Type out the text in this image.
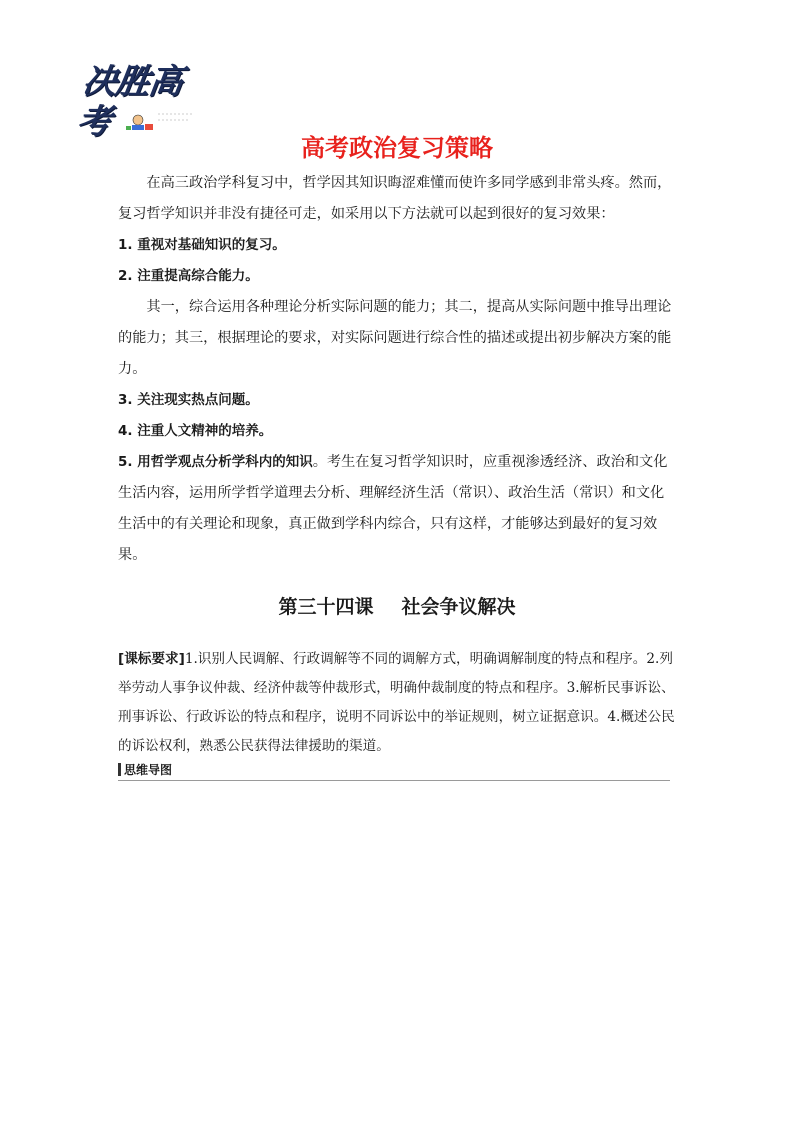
决胜高考
高考政治复习策略

在高三政治学科复习中，哲学因其知识晦涩难懂而使许多同学感到非常头疼。然而，复习哲学知识并非没有捷径可走，如采用以下方法就可以起到很好的复习效果：

1. 重视对基础知识的复习。

2. 注重提高综合能力。

其一，综合运用各种理论分析实际问题的能力；其二，提高从实际问题中推导出理论的能力；其三，根据理论的要求，对实际问题进行综合性的描述或提出初步解决方案的能力。

3. 关注现实热点问题。

4. 注重人文精神的培养。

5. 用哲学观点分析学科内的知识。考生在复习哲学知识时，应重视渗透经济、政治和文化生活内容，运用所学哲学道理去分析、理解经济生活（常识）、政治生活（常识）和文化生活中的有关理论和现象，真正做到学科内综合，只有这样，才能够达到最好的复习效果。

第三十四课 社会争议解决
[课标要求]1.识别人民调解、行政调解等不同的调解方式，明确调解制度的特点和程序。2.列举劳动人事争议仲裁、经济仲裁等仲裁形式，明确仲裁制度的特点和程序。3.解析民事诉讼、刑事诉讼、行政诉讼的特点和程序，说明不同诉讼中的举证规则，树立证据意识。4.概述公民的诉讼权利，熟悉公民获得法律援助的渠道。
思维导图
